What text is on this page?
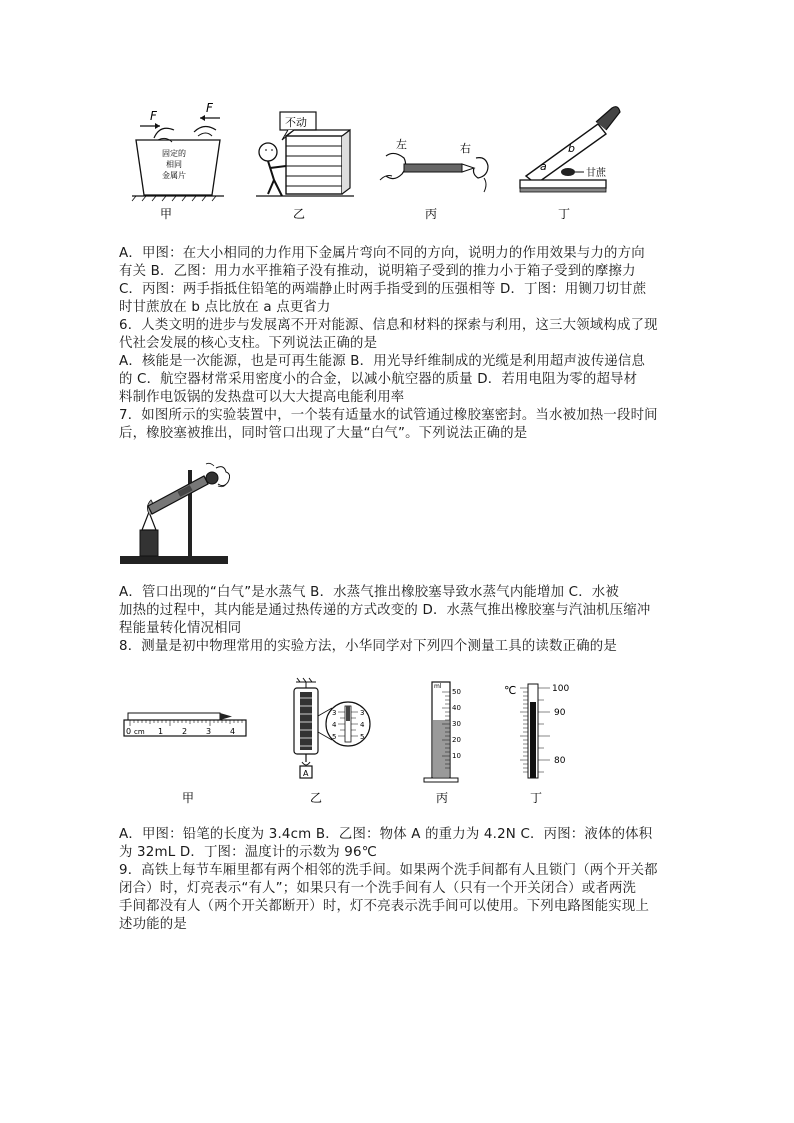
F
F
固定的
相同
金属片
甲
不动
乙
左	右
丙
a
b
甘蔗
丁
A．甲图：在大小相同的力作用下金属片弯向不同的方向，说明力的作用效果与力的方向
有关 B．乙图：用力水平推箱子没有推动，说明箱子受到的推力小于箱子受到的摩擦力
C．丙图：两手指抵住铅笔的两端静止时两手指受到的压强相等 D．丁图：用铡刀切甘蔗
时甘蔗放在 b 点比放在 a 点更省力
6．人类文明的进步与发展离不开对能源、信息和材料的探索与利用，这三大领域构成了现
代社会发展的核心支柱。下列说法正确的是
A．核能是一次能源，也是可再生能源 B．用光导纤维制成的光缆是利用超声波传递信息
的 C．航空器材常采用密度小的合金，以减小航空器的质量 D．若用电阻为零的超导材
料制作电饭锅的发热盘可以大大提高电能利用率
7．如图所示的实验装置中，一个装有适量水的试管通过橡胶塞密封。当水被加热一段时间
后，橡胶塞被推出，同时管口出现了大量“白气”。下列说法正确的是
A．管口出现的“白气”是水蒸气 B．水蒸气推出橡胶塞导致水蒸气内能增加 C．水被
加热的过程中，其内能是通过热传递的方式改变的 D．水蒸气推出橡胶塞与汽油机压缩冲
程能量转化情况相同
8．测量是初中物理常用的实验方法，小华同学对下列四个测量工具的读数正确的是
0 cm 1 2 3 4
甲
A
3
4
5
3
4
5
乙
ml
50
40
30
20
10
丙
℃	100
90
80
丁
A．甲图：铅笔的长度为 3.4cm B．乙图：物体 A 的重力为 4.2N C．丙图：液体的体积
为 32mL D．丁图：温度计的示数为 96℃
9．高铁上每节车厢里都有两个相邻的洗手间。如果两个洗手间都有人且锁门（两个开关都
闭合）时，灯亮表示“有人”；如果只有一个洗手间有人（只有一个开关闭合）或者两洗
手间都没有人（两个开关都断开）时，灯不亮表示洗手间可以使用。下列电路图能实现上
述功能的是
